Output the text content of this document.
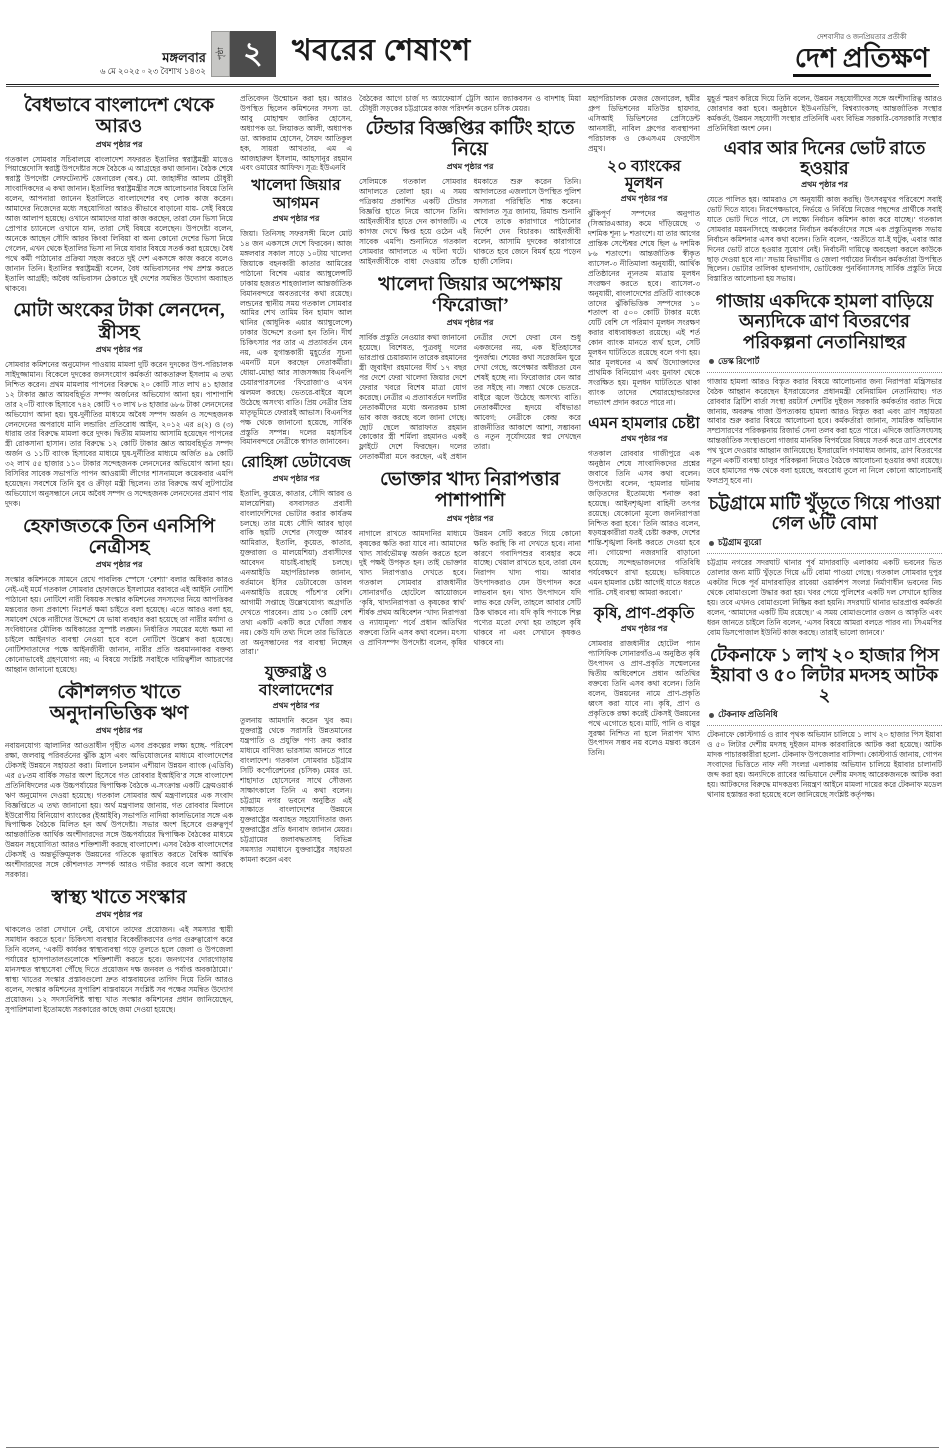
মঙ্গলবার
৬ মে ২০২৫ ▫ ২৩ বৈশাখ ১৪৩২
পৃষ্ঠা ২ খবরের শেষাংশ	দেশবাসীর ও জনপ্রিয়তার প্রতীকী
দেশ প্রতিক্ষণ
বৈধভাবে বাংলাদেশ থেকে আরও
প্রথম পৃষ্ঠার পর

গতকাল সোমবার সচিবালয়ে বাংলাদেশ সফররত ইতালির স্বরাষ্ট্রমন্ত্রী মাত্তেও পিয়ান্তেদোসি স্বরাষ্ট্র উপদেষ্টার সঙ্গে বৈঠকে এ আগ্রহের কথা জানান। বৈঠক শেষে স্বরাষ্ট্র উপদেষ্টা লেফটেন্যান্ট জেনারেল (অব.) মো. জাহাঙ্গীর আলম চৌধুরী সাংবাদিকদের এ কথা জানান। ইতালির স্বরাষ্ট্রমন্ত্রীর সঙ্গে আলোচনার বিষয়ে তিনি বলেন, আপনারা জানেন ইতালিতে বাংলাদেশের বহু লোক কাজ করেন। আমাদের নিজেদের মধ্যে সহযোগিতা আরও কীভাবে বাড়ানো যায়- সেই বিষয়ে আজ আলাপ হয়েছে। ওখানে আমাদের যারা কাজ করছেন, তারা যেন ভিসা নিয়ে প্রোপার চ্যানেলে ওখানে যান, তারা সেই বিষয়ে বলেছেন। উপদেষ্টা বলেন, অনেকে আছেন সৌদি আরব কিংবা লিবিয়া বা অন্য কোনো দেশের ভিসা নিয়ে গেলেন, এখন থেকে ইতালির ভিসা না নিয়ে যাবার বিষয়ে সতর্ক করা হয়েছে। বৈধ পথে কর্মী পাঠানোর প্রক্রিয়া সহজ করতে দুই দেশ একসঙ্গে কাজ করবে বলেও জানান তিনি। ইতালির স্বরাষ্ট্রমন্ত্রী বলেন, বৈধ অভিবাসনের পথ প্রশস্ত করতে ইতালি আগ্রহী; অবৈধ অভিবাসন ঠেকাতে দুই দেশের সমন্বিত উদ্যোগ অব্যাহত থাকবে।

মোটা অংকের টাকা লেনদেন, স্ত্রীসহ
প্রথম পৃষ্ঠার পর

সোমবার কমিশনের অনুমোদন পাওয়ায় মামলা দুটি করেন দুদকের উপ-পরিচালক সাইদুজ্জামান। বিকেলে দুদকের জনসংযোগ কর্মকর্তা আকতারুল ইসলাম এ তথ্য নিশ্চিত করেন। প্রথম মামলায় পাপনের বিরুদ্ধে ২০ কোটি সাত লাখ ৪১ হাজার ১২ টাকার জ্ঞাত আয়বহির্ভূত সম্পদ অর্জনের অভিযোগ আনা হয়। পাশাপাশি তার ২০টি ব্যাংক হিসাবে ৭৪২ কোটি ৭৩ লাখ ৮৪ হাজার ৬৮৬ টাকা লেনদেনের অভিযোগ আনা হয়। ঘুষ-দুর্নীতির মাধ্যমে অবৈধ সম্পদ অর্জন ও সন্দেহজনক লেনদেনের অপরাধে মানি লন্ডারিং প্রতিরোধ আইন, ২০১২ এর ৪(২) ও (৩) ধারায় তার বিরুদ্ধে মামলা করে দুদক। দ্বিতীয় মামলায় আসামি হয়েছেন পাপনের স্ত্রী রোকসানা হাসান। তার বিরুদ্ধে ১২ কোটি টাকার জ্ঞাত আয়বহির্ভূত সম্পদ অর্জন ও ১১টি ব্যাংক হিসাবের মাধ্যমে ঘুষ-দুর্নীতির মাধ্যমে অর্জিত ৪৯ কোটি ৩২ লাখ ৫৫ হাজার ১১০ টাকার সন্দেহজনক লেনদেনের অভিযোগ আনা হয়। বিসিবির সাবেক সভাপতি পাপন আওয়ামী লীগের শাসনামলে কয়েকবার এমপি হয়েছেন। সবশেষে তিনি যুব ও ক্রীড়া মন্ত্রী ছিলেন। তার বিরুদ্ধে অর্থ লুটপাটের অভিযোগে অনুসন্ধানে নেমে অবৈধ সম্পদ ও সন্দেহজনক লেনদেনের প্রমাণ পায় দুদক।

হেফাজতকে তিন এনসিপি নেত্রীসহ
প্রথম পৃষ্ঠার পর

সংস্কার কমিশনকে সামনে রেখে পাবলিক স্পেসে ‘বেশ্যা’ বলার অধিকার কারও নেই-এই মর্মে গতকাল সোমবার হেফাজতে ইসলামের বরাবরে এই আইনি নোটিশ পাঠানো হয়। নোটিশে নারী বিষয়ক সংস্কার কমিশনের সদস্যদের নিয়ে আপত্তিকর মন্তব্যের জন্য প্রকাশ্যে নিঃশর্ত ক্ষমা চাইতে বলা হয়েছে। এতে আরও বলা হয়, সমাবেশ থেকে নারীদের উদ্দেশে যে ভাষা ব্যবহার করা হয়েছে তা নারীর মর্যাদা ও সংবিধানের মৌলিক অধিকারের সুস্পষ্ট লঙ্ঘন। নির্ধারিত সময়ের মধ্যে ক্ষমা না চাইলে আইনগত ব্যবস্থা নেওয়া হবে বলে নোটিশে উল্লেখ করা হয়েছে। নোটিশদাতাদের পক্ষে আইনজীবী জানান, নারীর প্রতি অবমাননাকর বক্তব্য কোনোভাবেই গ্রহণযোগ্য নয়; এ বিষয়ে সংশ্লিষ্ট সবাইকে দায়িত্বশীল আচরণের আহ্বান জানানো হয়েছে।

কৌশলগত খাতে অনুদানভিত্তিক ঋণ
প্রথম পৃষ্ঠার পর

নবায়নযোগ্য জ্বালানির আওতাধীন গৃহীত এসব প্রকল্পের লক্ষ্য হচ্ছে- পরিবেশ রক্ষা, জলবায়ু পরিবর্তনের ঝুঁকি হ্রাস এবং অভিযোজনের মাধ্যমে বাংলাদেশের টেকসই উন্নয়নে সহায়তা করা। মিলানে চলমান এশীয়ান উন্নয়ন ব্যাংক (এডিবি) এর ৫৮তম বার্ষিক সভার অংশ হিসেবে গত রোববার ইআইবি’র সঙ্গে বাংলাদেশ প্রতিনিধিদলের এক উচ্চপর্যায়ের দ্বিপাক্ষিক বৈঠকে এ-সংক্রান্ত একটি ফ্রেমওয়ার্ক ঋণ অনুমোদন দেওয়া হয়েছে। গতকাল সোমবার অর্থ মন্ত্রণালয়ের এক সংবাদ বিজ্ঞপ্তিতে এ তথ্য জানানো হয়। অর্থ মন্ত্রণালয় জানায়, গত রোববার মিলানে ইউরোপীয় বিনিয়োগ ব্যাংকের (ইআইবি) সভাপতি নাদিয়া কালভিনোর সঙ্গে এক দ্বিপাক্ষিক বৈঠকে মিলিত হন অর্থ উপদেষ্টা। সভার অংশ হিসেবে গুরুত্বপূর্ণ আন্তর্জাতিক আর্থিক অংশীদারদের সঙ্গে উচ্চপর্যায়ের দ্বিপাক্ষিক বৈঠকের মাধ্যমে উন্নয়ন সহযোগিতা আরও শক্তিশালী করছে বাংলাদেশ। এসব বৈঠক বাংলাদেশের টেকসই ও অন্তর্ভুক্তিমূলক উন্নয়নের গতিকে ত্বরান্বিত করতে বৈশ্বিক আর্থিক অংশীদারদের সঙ্গে কৌশলগত সম্পর্ক আরও গভীর করবে বলে আশা করছে সরকার।

স্বাস্থ্য খাতে সংস্কার
প্রথম পৃষ্ঠার পর

থাকলেও তারা সেখানে নেই, যেখানে তাদের প্রয়োজন। এই সমস্যার স্থায়ী সমাধান করতে হবে।’ চিকিৎসা ব্যবস্থার বিকেন্দ্রীকরণের ওপর গুরুত্বারোপ করে তিনি বলেন, ‘একটি কার্যকর স্বাস্থ্যব্যবস্থা গড়ে তুলতে হলে জেলা ও উপজেলা পর্যায়ের হাসপাতালগুলোকে শক্তিশালী করতে হবে। জনগণের দোরগোড়ায় মানসম্মত স্বাস্থ্যসেবা পৌঁছে দিতে প্রয়োজন দক্ষ জনবল ও পর্যাপ্ত অবকাঠামো।’ স্বাস্থ্য খাতের সংস্কার প্রস্তাবগুলো দ্রুত বাস্তবায়নের তাগিদ দিয়ে তিনি আরও বলেন, সংস্কার কমিশনের সুপারিশ বাস্তবায়নে সংশ্লিষ্ট সব পক্ষের সমন্বিত উদ্যোগ প্রয়োজন। ১২ সদস্যবিশিষ্ট স্বাস্থ্য খাত সংস্কার কমিশনের প্রধান জানিয়েছেন, সুপারিশমালা ইতোমধ্যে সরকারের কাছে জমা দেওয়া হয়েছে।

প্রতিবেদন উন্মোচন করা হয়। আরও উপস্থিত ছিলেন কমিশনের সদস্য ডা. আবু মোহাম্মদ জাকির হোসেন, অধ্যাপক ডা. লিয়াকত আলী, অধ্যাপক ডা. আকরাম হোসেন, সৈয়দ আতিকুল হক, সায়রা আখতার, এম এ আজহারুল ইসলাম, আহসানুর রহমান এবং ওমায়ের আফিফ। সূত্র: ইউএনবি

খালেদা জিয়ার আগমন
প্রথম পৃষ্ঠার পর

জিয়া। তিনিসহ সফরসঙ্গী মিলে মোট ১৪ জন একসঙ্গে দেশে ফিরবেন। আজ মঙ্গলবার সকাল সাড়ে ১০টায় খালেদা জিয়াকে বহনকারী কাতার আমিরের পাঠানো বিশেষ এয়ার অ্যাম্বুলেন্সটি ঢাকায় হজরত শাহজালাল আন্তর্জাতিক বিমানবন্দরে অবতরণের কথা রয়েছে। লন্ডনের স্থানীয় সময় গতকাল সোমবার আমির শেখ তামিম বিন হামাদ আল থানির (আধুনিক এয়ার অ্যাম্বুলেন্সে) ঢাকার উদ্দেশে রওনা হন তিনি। দীর্ঘ চিকিৎসার পর তার এ প্রত্যাবর্তন যেন নয়, এক যুগান্তকারী মুহূর্তের সূচনা এমনটি মনে করছেন নেতাকর্মীরা। ধোয়া-মোছা আর সাজসজ্জায় বিএনপি চেয়ারপারসনের ‘ফিরোজা’ও এখন ঝলমল করছে। ভেতরে-বাইরে জ্বলে উঠেছে অসংখ্য বাতি। প্রিয় নেত্রীর প্রিয় মাতৃভূমিতে ফেরারই আভাস। বিএনপির পক্ষ থেকে জানানো হয়েছে, সার্বিক প্রস্তুতি সম্পন্ন। দলের মহাসচিব বিমানবন্দরে নেত্রীকে স্বাগত জানাবেন।

রোহিঙ্গা ডেটাবেজ
প্রথম পৃষ্ঠার পর

ইতালি, কুয়েত, কাতার, সৌদি আরব ও মালয়েশিয়া) বসবাসরত প্রবাসী বাংলাদেশিদের ভোটার করার কার্যক্রম চলছে। তার মধ্যে সৌদি আরব ছাড়া বাকি ছয়টি দেশের (সংযুক্ত আরব আমিরাত, ইতালি, কুয়েত, কাতার, যুক্তরাজ্য ও মালয়েশিয়া) প্রবাসীদের আবেদন যাচাই-বাছাই চলছে। এনআইডি মহাপরিচালক জানান, বর্তমানে ইসির ডেটাবেজে ডাবল এনআইডি রয়েছে পাঁচশ’র বেশি। আগামী সপ্তাহে উল্লেখযোগ্য অগ্রগতি দেখতে পারবেন। প্রায় ১৩ কোটি বেশ তথ্য একটি একটি করে খোঁজা সম্ভব নয়। কেউ যদি তথ্য দিলে তার ভিত্তিতে তা অনুসন্ধানের পর ব্যবস্থা নিচ্ছেন তারা।’

যুক্তরাষ্ট্র ও বাংলাদেশের
প্রথম পৃষ্ঠার পর

তুলনায় আমদানি করেন খুব কম। যুক্তরাষ্ট্র থেকে সরাসরি উন্নতমানের যন্ত্রপাতি ও প্রযুক্তি পণ্য ক্রয় করার মাধ্যমে বাণিজ্য ভারসাম্য আনতে পারে বাংলাদেশ। গতকাল সোমবার চট্টগ্রাম সিটি কর্পোরেশনের (চসিক) মেয়র ডা. শাহাদাত হোসেনের সাথে সৌজন্য সাক্ষাৎকালে তিনি এ কথা বলেন। চট্টগ্রাম নগর ভবনে অনুষ্ঠিত এই সাক্ষাতে বাংলাদেশের উন্নয়নে যুক্তরাষ্ট্রের অব্যাহত সহযোগিতার জন্য যুক্তরাষ্ট্রের প্রতি ধন্যবাদ জানান মেয়র। চট্টগ্রামের জলাবদ্ধতাসহ বিভিন্ন সমস্যার সমাধানে যুক্তরাষ্ট্রের সহায়তা কামনা করেন এবং

বৈঠকের আগে চার্জ দ্য অ্যাফেয়ার্স ট্রেসি অ্যান জ্যাকবসন ও বাদশাহ মিয়া চৌধুরী সড়কের চট্টগ্রামের কাজ পরিদর্শন করেন চসিক মেয়র।

টেন্ডার বিজ্ঞপ্তির কাটিং হাতে নিয়ে
প্রথম পৃষ্ঠার পর

সেলিমকে গতকাল সোমবার আদালতে তোলা হয়। এ সময় পত্রিকায় প্রকাশিত একটি টেন্ডার বিজ্ঞপ্তি হাতে নিয়ে আসেন তিনি। আইনজীবীর হাতে দেন কাগজটি। এ কাগজ দেখে ক্ষিপ্ত হয়ে ওঠেন এই সাবেক এমপি। শুনানিতে গতকাল সোমবার আদালতে এ ঘটনা ঘটে। আইনজীবীকে বাধা দেওয়ায় তাঁকে ধমকাতে শুরু করেন তিনি। আদালতের এজলাসে উপস্থিত পুলিশ সদস্যরা পরিস্থিতি শান্ত করেন। আদালত সূত্র জানায়, রিমান্ড শুনানি শেষে তাকে কারাগারে পাঠানোর নির্দেশ দেন বিচারক। আইনজীবী বলেন, আসামি দুদকের কারাগারে থাকতে হবে জেনে বিমর্ষ হয়ে পড়েন হাজী সেলিম।

খালেদা জিয়ার অপেক্ষায় ‘ফিরোজা’
প্রথম পৃষ্ঠার পর

সার্বিক প্রস্তুতি নেওয়ার কথা জানানো হয়েছে। বিশেষত, পুত্রবধূ দলের ভারপ্রাপ্ত চেয়ারম্যান তারেক রহমানের স্ত্রী জুবাইদা রহমানের দীর্ঘ ১৭ বছর পর দেশে ফেরা খালেদা জিয়ার দেশে ফেরার খবরে বিশেষ মাত্রা যোগ করেছে। নেত্রীর এ প্রত্যাবর্তনে দলটির নেতাকর্মীদের মধ্যে অন্যরকম চাঙ্গা ভাব কাজ করছে বলে জানা গেছে। ছোট ছেলে আরাফাত রহমান কোকোর স্ত্রী শর্মিলা রহমানও একই ফ্লাইটে দেশে ফিরছেন। দলের নেতাকর্মীরা মনে করছেন, এই প্রধান নেত্রীর দেশে ফেরা যেন শুধু একজনের নয়, এক ইতিহাসের পুনর্জন্ম। শেষের কথা সরেজমিন ঘুরে দেখা গেছে, অপেক্ষার অধীরতা যেন শেষই হচ্ছে না। ফিরোজার যেন আর তর সইছে না। সন্ধ্যা থেকে ভেতরে-বাইরে জ্বলে উঠেছে অসংখ্য বাতি। নেতাকর্মীদের হৃদয়ে বাঁধভাঙা আবেগ; নেত্রীকে কেন্দ্র করে রাজনীতির আকাশে আশা, সম্ভাবনা ও নতুন সূর্যোদয়ের স্বপ্ন দেখছেন তারা।

ভোক্তার খাদ্য নিরাপত্তার পাশাপাশি
প্রথম পৃষ্ঠার পর

নাগালে রাখতে আমদানির মাধ্যমে কৃষকের ক্ষতি করা যাবে না। আমাদের খাদ্য সার্বভৌমত্ব অর্জন করতে হলে দুই পক্ষই উপকৃত হন। তাই ভোক্তার খাদ্য নিরাপত্তাও দেখতে হবে। গতকাল সোমবার রাজধানীর সোনারগাঁও হোটেলে আয়োজনে ‘কৃষি, খাদ্যনিরাপত্তা ও কৃষকের স্বার্থ’ শীর্ষক প্রথম অধিবেশন ‘খাদ্য নিরাপত্তা ও ন্যায্যমূল্য’ পর্বে প্রধান অতিথির বক্তব্যে তিনি এসব কথা বলেন। মৎস্য ও প্রাণিসম্পদ উপদেষ্টা বলেন, কৃষির উন্নয়ন সেটি করতে গিয়ে কোনো ক্ষতি করছি কি না দেখতে হবে। নানা কারণে গবাদিপশুর ব্যবহার কমে যাচ্ছে। খেয়াল রাখতে হবে, তারা যেন নিরাপদ খাদ্য পায়। আবার উৎপাদকরাও যেন উৎপাদন করে লাভবান হন। খাদ্য উৎপাদনে যদি লাভ করে ফেলি, তাহলে আবার সেটি ঠিক থাকবে না। যদি কৃষি পণ্যকে শিল্প পণ্যের মতো দেখা হয় তাহলে কৃষি থাকবে না এবং সেখানে কৃষকও থাকবে না।

মহাপরিচালক মেজর জেনারেল, ছমীর গ্রুপ ডিভিশনের মতিউর হায়দার, এসিআই ডিভিশনের প্রেসিডেন্ট আনসারী, নাবিল গ্রুপের ব্যবস্থাপনা পরিচালক ও কেএসএম ফেরদৌস প্রমুখ।

২০ ব্যাংকের মূলধন
প্রথম পৃষ্ঠার পর

ঝুঁকিপূর্ণ সম্পদের অনুপাত (সিআরএআর) কমে দাঁড়িয়েছে ৩ দশমিক শূন্য ৮ শতাংশে। যা তার আগের প্রান্তিক সেপ্টেম্বর শেষে ছিল ৬ দশমিক ৮৬ শতাংশে। আন্তর্জাতিক স্বীকৃত ব্যাসেল-৩ নীতিমালা অনুযায়ী, আর্থিক প্রতিষ্ঠানের ন্যূনতম মাত্রায় মূলধন সংরক্ষণ করতে হবে। ব্যাসেল-৩ অনুযায়ী, বাংলাদেশের প্রতিটি ব্যাংককে তাদের ঝুঁকিভিত্তিক সম্পদের ১০ শতাংশ বা ৫০০ কোটি টাকার মধ্যে যেটি বেশি সে পরিমাণ মূলধন সংরক্ষণ করার বাধ্যবাধকতা রয়েছে। এই শর্ত কোন ব্যাংক মানতে ব্যর্থ হলে, সেটি মূলধন ঘাটতিতে রয়েছে বলে গণ্য হয়। আর মূলধনের এ অর্থ উদ্যোক্তাদের প্রাথমিক বিনিয়োগ এবং মুনাফা থেকে সংরক্ষিত হয়। মূলধন ঘাটতিতে থাকা ব্যাংক তাদের শেয়ারহোল্ডারদের লভ্যাংশ প্রদান করতে পারে না।

এমন হামলার চেষ্টা
প্রথম পৃষ্ঠার পর

গতকাল রোববার গাজীপুরে এক অনুষ্ঠান শেষে সাংবাদিকদের প্রশ্নের জবাবে তিনি এসব কথা বলেন। উপদেষ্টা বলেন, ‘হামলার ঘটনায় জড়িতদের ইতোমধ্যে শনাক্ত করা হয়েছে। আইনশৃঙ্খলা বাহিনী তৎপর রয়েছে। যেকোনো মূল্যে জননিরাপত্তা নিশ্চিত করা হবে।’ তিনি আরও বলেন, ষড়যন্ত্রকারীরা যতই চেষ্টা করুক, দেশের শান্তি-শৃঙ্খলা বিনষ্ট করতে দেওয়া হবে না। গোয়েন্দা নজরদারি বাড়ানো হয়েছে; সন্দেহভাজনদের গতিবিধি পর্যবেক্ষণে রাখা হয়েছে। ভবিষ্যতে এমন হামলার চেষ্টা আগেই যাতে ধরতে পারি- সেই ব্যবস্থা আমরা করবো।’

কৃষি, প্রাণ-প্রকৃতি
প্রথম পৃষ্ঠার পর

সোমবার রাজধানীর হোটেল প্যান প্যাসিফিক সোনারগাঁও-এ অনুষ্ঠিত কৃষি উৎপাদন ও প্রাণ-প্রকৃতি সম্মেলনের দ্বিতীয় অধিবেশনে প্রধান অতিথির বক্তব্যে তিনি এসব কথা বলেন। তিনি বলেন, উন্নয়নের নামে প্রাণ-প্রকৃতি ধ্বংস করা যাবে না। কৃষি, প্রাণ ও প্রকৃতিকে রক্ষা করেই টেকসই উন্নয়নের পথে এগোতে হবে। মাটি, পানি ও বায়ুর সুরক্ষা নিশ্চিত না হলে নিরাপদ খাদ্য উৎপাদন সম্ভব নয় বলেও মন্তব্য করেন তিনি।

মুহূর্ত স্মরণ করিয়ে দিয়ে তিনি বলেন, উন্নয়ন সহযোগীদের সঙ্গে অংশীদারিত্ব আরও জোরদার করা হবে। অনুষ্ঠানে ইউএনডিপি, বিশ্বব্যাংকসহ আন্তর্জাতিক সংস্থার কর্মকর্তা, উন্নয়ন সহযোগী সংস্থার প্রতিনিধি এবং বিভিন্ন সরকারি-বেসরকারি সংস্থার প্রতিনিধিরা অংশ নেন।

এবার আর দিনের ভোট রাতে হওয়ার
প্রথম পৃষ্ঠার পর

যেতে পালিত হয়। আমরাও সে অনুযায়ী কাজ করছি। উৎসবমুখর পরিবেশে সবাই ভোট দিতে যাবে। নিরপেক্ষভাবে, নির্ভয়ে ও নির্বিঘ্নে নিজের পছন্দের প্রার্থীকে সবাই যাতে ভোট দিতে পারে, সে লক্ষ্যে নির্বাচন কমিশন কাজ করে যাচ্ছে।’ গতকাল সোমবার ময়মনসিংহে অঞ্চলের নির্বাচন কর্মকর্তাদের সঙ্গে এক প্রস্তুতিমূলক সভায় নির্বাচন কমিশনার এসব কথা বলেন। তিনি বলেন, ‘অতীতে যা-ই ঘটুক, এবার আর দিনের ভোট রাতে হওয়ার সুযোগ নেই। নির্বাচনী দায়িত্বে অবহেলা করলে কাউকে ছাড় দেওয়া হবে না।’ সভায় বিভাগীয় ও জেলা পর্যায়ের নির্বাচন কর্মকর্তারা উপস্থিত ছিলেন। ভোটার তালিকা হালনাগাদ, ভোটকেন্দ্র পুনর্বিন্যাসসহ সার্বিক প্রস্তুতি নিয়ে বিস্তারিত আলোচনা হয় সভায়।

গাজায় একদিকে হামলা বাড়িয়ে অন্যদিকে ত্রাণ বিতরণের পরিকল্পনা নেতানিয়াহুর
ডেস্ক রিপোর্ট

গাজায় হামলা আরও বিস্তৃত করার বিষয়ে আলোচনার জন্য নিরাপত্তা মন্ত্রিসভার বৈঠক আহ্বান করেছেন ইসরায়েলের প্রধানমন্ত্রী বেনিয়ামিন নেতানিয়াহু। গত রোববার ব্রিটিশ বার্তা সংস্থা রয়টার্স দেশটির দুইজন সরকারি কর্মকর্তার বরাত দিয়ে জানায়, অবরুদ্ধ গাজা উপত্যকায় হামলা আরও বিস্তৃত করা এবং ত্রাণ সহায়তা আবার শুরু করার বিষয়ে আলোচনা হবে। কর্মকর্তারা জানান, সামরিক অভিযান সম্প্রসারণের পরিকল্পনায় রিজার্ভ সেনা তলব করা হতে পারে। এদিকে জাতিসংঘসহ আন্তর্জাতিক সংস্থাগুলো গাজায় মানবিক বিপর্যয়ের বিষয়ে সতর্ক করে ত্রাণ প্রবেশের পথ খুলে দেওয়ার আহ্বান জানিয়েছে। ইসরায়েলি গণমাধ্যম জানায়, ত্রাণ বিতরণের নতুন একটি ব্যবস্থা চালুর পরিকল্পনা নিয়েও বৈঠকে আলোচনা হওয়ার কথা রয়েছে। তবে হামাসের পক্ষ থেকে বলা হয়েছে, অবরোধ তুলে না নিলে কোনো আলোচনাই ফলপ্রসূ হবে না।

চট্টগ্রামে মাটি খুঁড়তে গিয়ে পাওয়া গেল ৬টি বোমা
চট্টগ্রাম ব্যুরো

চট্টগ্রাম নগরের সদরঘাট থানার পূর্ব মাদারবাড়ি এলাকায় একটি ভবনের ভিত তোলার জন্য মাটি খুঁড়তে গিয়ে ৬টি বোমা পাওয়া গেছে। গতকাল সোমবার দুপুর একটার দিকে পূর্ব মাদারবাড়ির রাবেয়া ওয়ার্কশপ সংলগ্ন নির্মাণাধীন ভবনের নিচ থেকে বোমাগুলো উদ্ধার করা হয়। খবর পেয়ে পুলিশের একটি দল সেখানে হাজির হয়। তবে এখনও বোমাগুলো নিষ্ক্রিয় করা হয়নি। সদরঘাট থানার ভারপ্রাপ্ত কর্মকর্তা বলেন, ‘আমাদের একটি টিম রয়েছে।’ এ সময় বোমাগুলোর ওজন ও আকৃতি এবং ধরন জানতে চাইলে তিনি বলেন, ‘এসব বিষয়ে আমরা বলতে পারব না। সিএমপির বোম ডিসপোজাল ইউনিট কাজ করছে। তারাই ভালো জানবে।’

টেকনাফে ১ লাখ ২০ হাজার পিস ইয়াবা ও ৫০ লিটার মদসহ আটক ২
টেকনাফ প্রতিনিধি

টেকনাফে কোস্টগার্ড ও র‍্যাব পৃথক অভিযান চালিয়ে ১ লাখ ২০ হাজার পিস ইয়াবা ও ৫০ লিটার দেশীয় মদসহ দুইজন মাদক কারবারিকে আটক করা হয়েছে। আটক মাদক পাচারকারীরা হলো- টেকনাফ উপজেলার বাসিন্দা। কোস্টগার্ড জানায়, গোপন সংবাদের ভিত্তিতে নাফ নদী সংলগ্ন এলাকায় অভিযান চালিয়ে ইয়াবার চালানটি জব্দ করা হয়। অন্যদিকে র‍্যাবের অভিযানে দেশীয় মদসহ আরেকজনকে আটক করা হয়। আটকদের বিরুদ্ধে মাদকদ্রব্য নিয়ন্ত্রণ আইনে মামলা দায়ের করে টেকনাফ মডেল থানায় হস্তান্তর করা হয়েছে বলে জানিয়েছে সংশ্লিষ্ট কর্তৃপক্ষ।
